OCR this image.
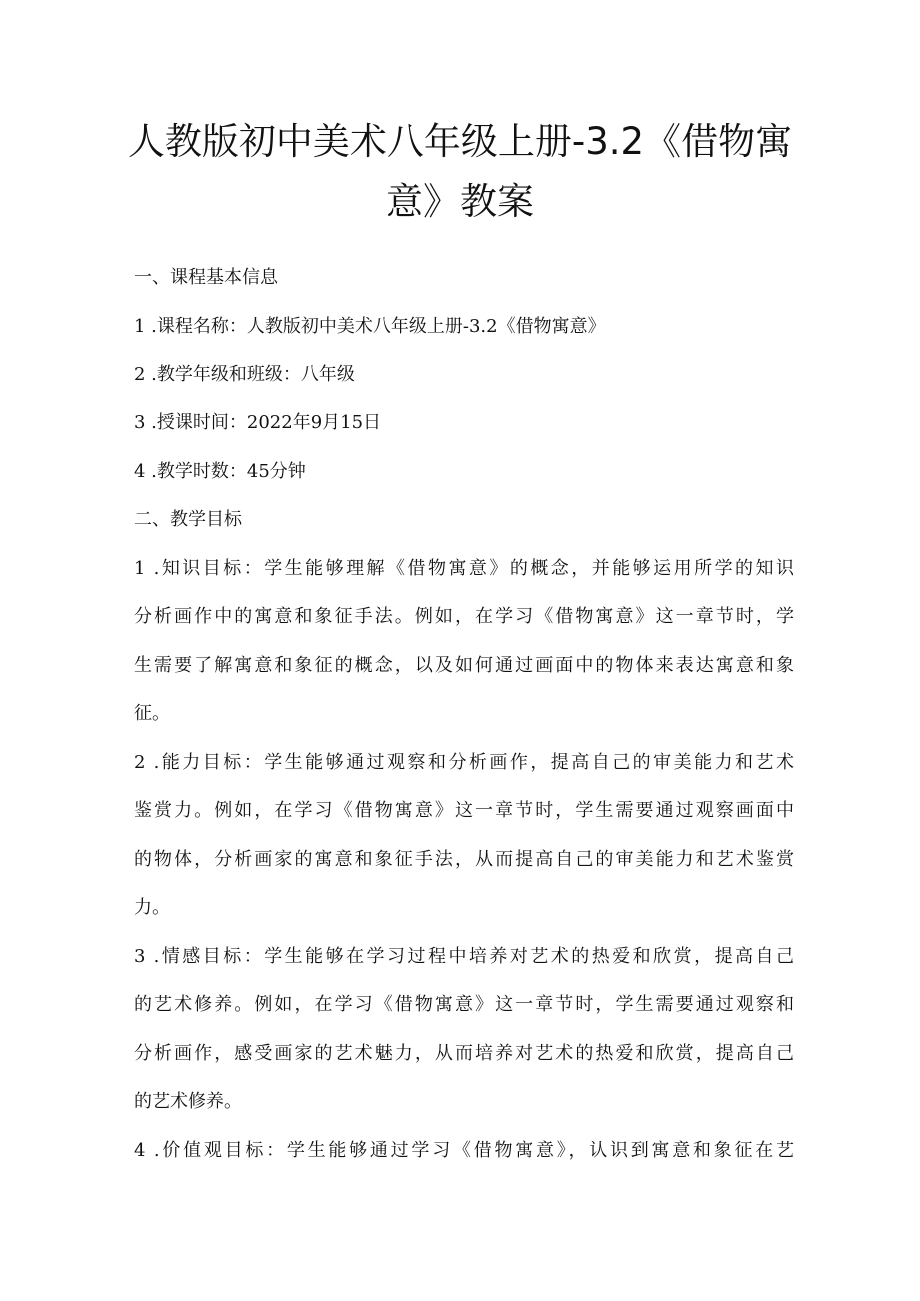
人教版初中美术八年级上册-3.2《借物寓
意》教案
一、课程基本信息
1 .课程名称：人教版初中美术八年级上册-3.2《借物寓意》
2 .教学年级和班级：八年级
3 .授课时间：2022年9月15日
4 .教学时数：45分钟
二、教学目标
1 .知识目标：学生能够理解《借物寓意》的概念，并能够运用所学的知识
分析画作中的寓意和象征手法。例如，在学习《借物寓意》这一章节时，学
生需要了解寓意和象征的概念，以及如何通过画面中的物体来表达寓意和象
征。
2 .能力目标：学生能够通过观察和分析画作，提高自己的审美能力和艺术
鉴赏力。例如，在学习《借物寓意》这一章节时，学生需要通过观察画面中
的物体，分析画家的寓意和象征手法，从而提高自己的审美能力和艺术鉴赏
力。
3 .情感目标：学生能够在学习过程中培养对艺术的热爱和欣赏，提高自己
的艺术修养。例如，在学习《借物寓意》这一章节时，学生需要通过观察和
分析画作，感受画家的艺术魅力，从而培养对艺术的热爱和欣赏，提高自己
的艺术修养。
4 .价值观目标：学生能够通过学习《借物寓意》，认识到寓意和象征在艺
